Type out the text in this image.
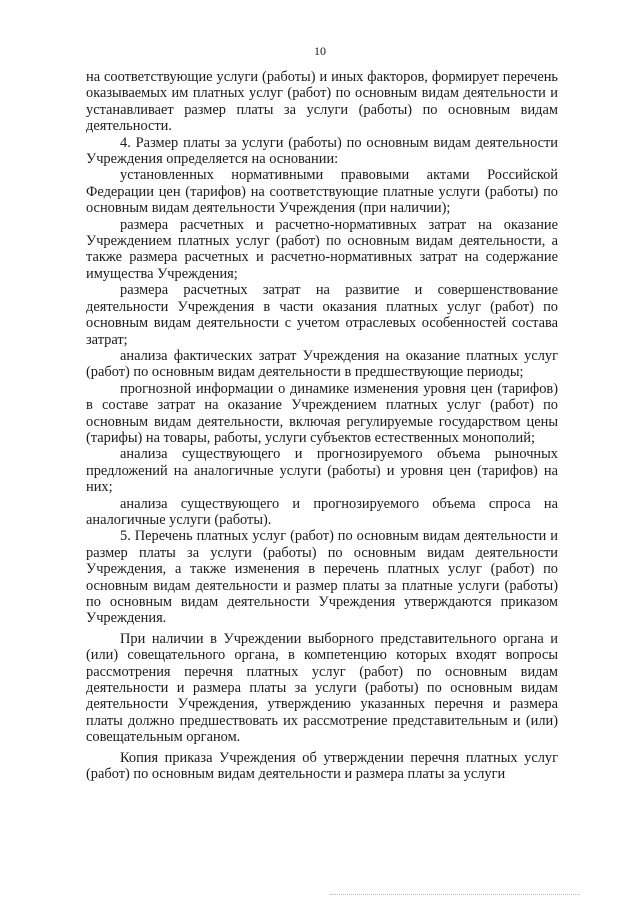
10

на соответствующие услуги (работы) и иных факторов, формирует перечень оказываемых им платных услуг (работ) по основным видам деятельности и устанавливает размер платы за услуги (работы) по основным видам деятельности.

4. Размер платы за услуги (работы) по основным видам деятельности Учреждения определяется на основании:

установленных нормативными правовыми актами Российской Федерации цен (тарифов) на соответствующие платные услуги (работы) по основным видам деятельности Учреждения (при наличии);

размера расчетных и расчетно-нормативных затрат на оказание Учреждением платных услуг (работ) по основным видам деятельности, а также размера расчетных и расчетно-нормативных затрат на содержание имущества Учреждения;

размера расчетных затрат на развитие и совершенствование деятельности Учреждения в части оказания платных услуг (работ) по основным видам деятельности с учетом отраслевых особенностей состава затрат;

анализа фактических затрат Учреждения на оказание платных услуг (работ) по основным видам деятельности в предшествующие периоды;

прогнозной информации о динамике изменения уровня цен (тарифов) в составе затрат на оказание Учреждением платных услуг (работ) по основным видам деятельности, включая регулируемые государством цены (тарифы) на товары, работы, услуги субъектов естественных монополий;

анализа существующего и прогнозируемого объема рыночных предложений на аналогичные услуги (работы) и уровня цен (тарифов) на них;

анализа существующего и прогнозируемого объема спроса на аналогичные услуги (работы).

5. Перечень платных услуг (работ) по основным видам деятельности и размер платы за услуги (работы) по основным видам деятельности Учреждения, а также изменения в перечень платных услуг (работ) по основным видам деятельности и размер платы за платные услуги (работы) по основным видам деятельности Учреждения утверждаются приказом Учреждения.

При наличии в Учреждении выборного представительного органа и (или) совещательного органа, в компетенцию которых входят вопросы рассмотрения перечня платных услуг (работ) по основным видам деятельности и размера платы за услуги (работы) по основным видам деятельности Учреждения, утверждению указанных перечня и размера платы должно предшествовать их рассмотрение представительным и (или) совещательным органом.

Копия приказа Учреждения об утверждении перечня платных услуг (работ) по основным видам деятельности и размера платы за услуги
